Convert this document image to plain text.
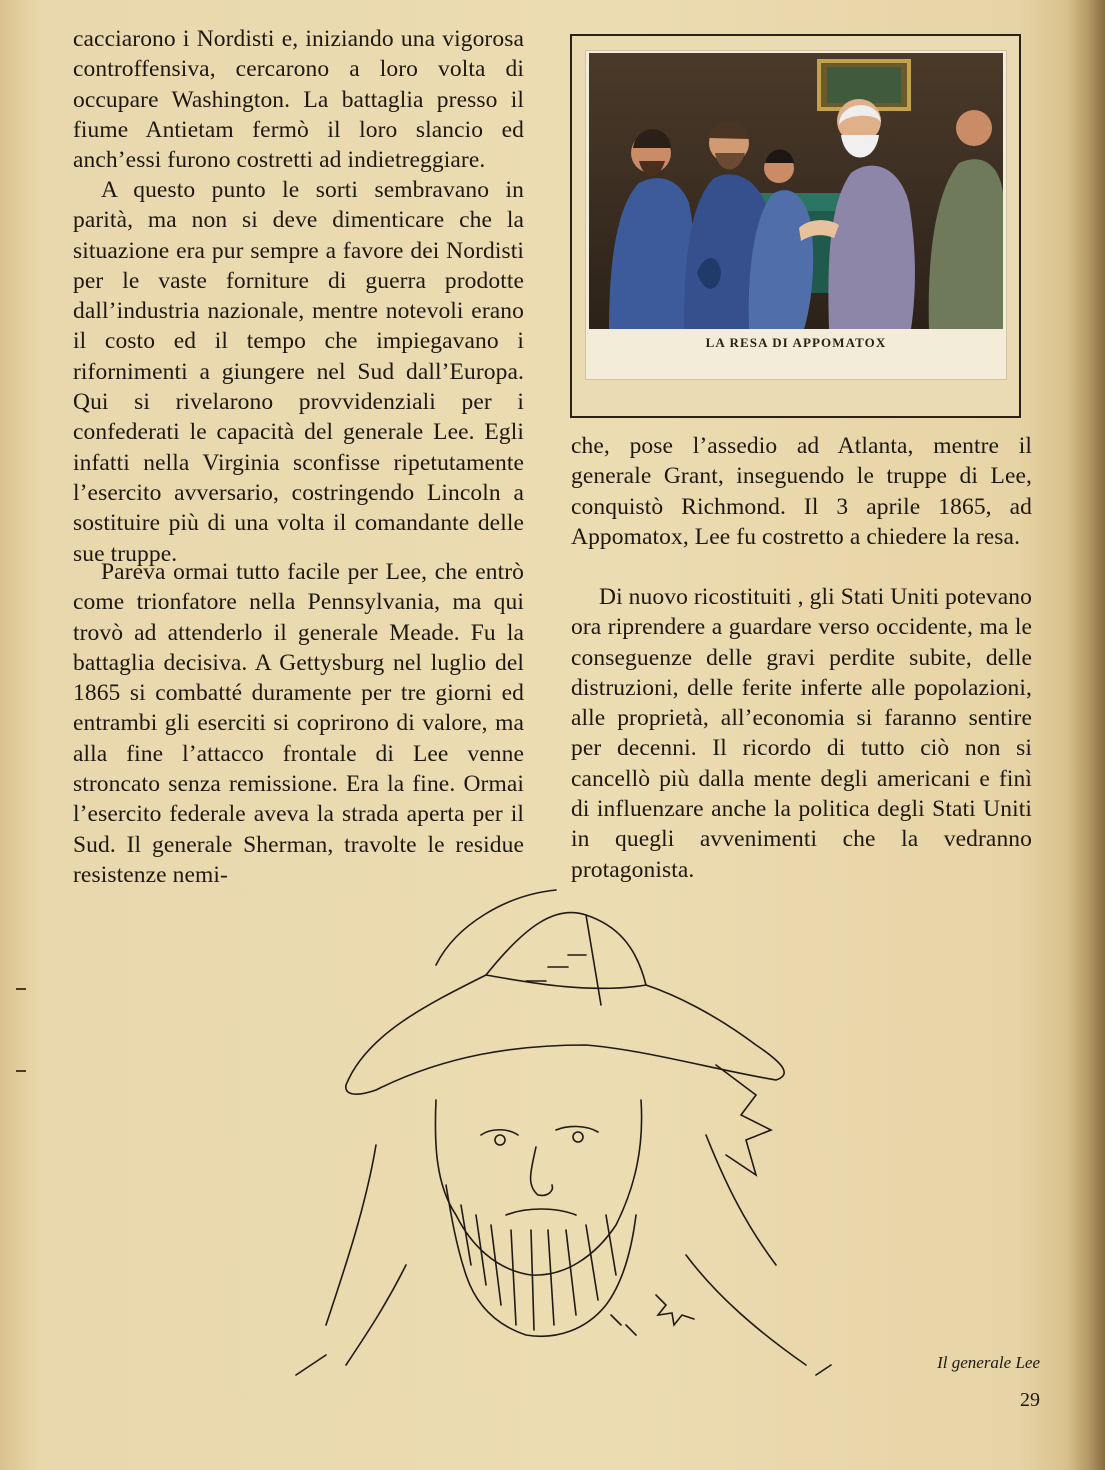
cacciarono i Nordisti e, iniziando una vigorosa controffensiva, cercarono a loro volta di occupare Washington. La battaglia presso il fiume Antietam fermò il loro slancio ed anch’essi furono costretti ad indietreggiare.

A questo punto le sorti sembravano in parità, ma non si deve dimenticare che la situazione era pur sempre a favore dei Nordisti per le vaste forniture di guerra prodotte dall’industria nazionale, mentre notevoli erano il costo ed il tempo che impiegavano i rifornimenti a giungere nel Sud dall’Europa. Qui si rivelarono provvidenziali per i confederati le capacità del generale Lee. Egli infatti nella Virginia sconfisse ripetutamente l’esercito avversario, costringendo Lincoln a sostituire più di una volta il comandante delle sue truppe.

Pareva ormai tutto facile per Lee, che entrò come trionfatore nella Pennsylvania, ma qui trovò ad attenderlo il generale Meade. Fu la battaglia decisiva. A Gettysburg nel luglio del 1865 si combatté duramente per tre giorni ed entrambi gli eserciti si coprirono di valore, ma alla fine l’attacco frontale di Lee venne stroncato senza remissione. Era la fine. Ormai l’esercito federale aveva la strada aperta per il Sud. Il generale Sherman, travolte le residue resistenze nemi-

LA RESA DI APPOMATOX

che, pose l’assedio ad Atlanta, mentre il generale Grant, inseguendo le truppe di Lee, conquistò Richmond. Il 3 aprile 1865, ad Appomatox, Lee fu costretto a chiedere la resa.

Di nuovo ricostituiti , gli Stati Uniti potevano ora riprendere a guardare verso occidente, ma le conseguenze delle gravi perdite subite, delle distruzioni, delle ferite inferte alle popolazioni, alle proprietà, all’economia si faranno sentire per decenni. Il ricordo di tutto ciò non si cancellò più dalla mente degli americani e finì di influenzare anche la politica degli Stati Uniti in quegli avvenimenti che la vedranno protagonista.

Il generale Lee
29
